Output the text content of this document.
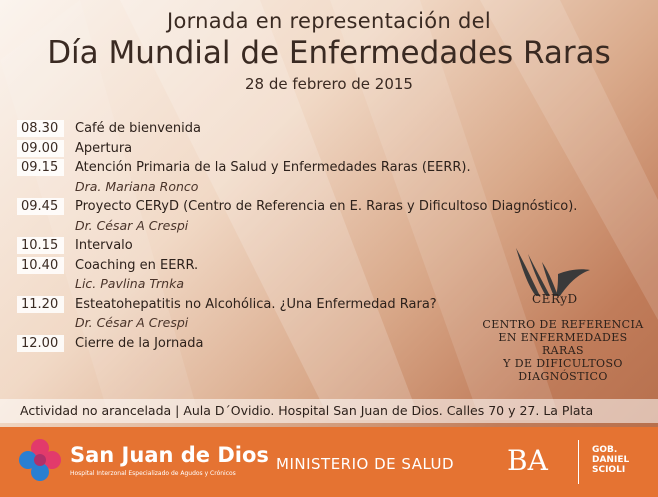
Jornada en representación del
Día Mundial de Enfermedades Raras
28 de febrero de 2015
08.30	Café de bienvenida
09.00	Apertura
09.15	Atención Primaria de la Salud y Enfermedades Raras (EERR).
Dra. Mariana Ronco
09.45	Proyecto CERyD (Centro de Referencia en E. Raras y Dificultoso Diagnóstico).
Dr. César A Crespi
10.15	Intervalo
10.40	Coaching en EERR.
Lic. Pavlina Trnka
11.20	Esteatohepatitis no Alcohólica. ¿Una Enfermedad Rara?
Dr. César A Crespi
12.00	Cierre de la Jornada
CERyD
CENTRO DE REFERENCIA
EN ENFERMEDADES RARAS
Y DE DIFICULTOSO
DIAGNÓSTICO
Actividad no arancelada | Aula D´Ovidio. Hospital San Juan de Dios. Calles 70 y 27. La Plata
San Juan de Dios
Hospital Interzonal Especializado de Agudos y Crónicos
MINISTERIO DE SALUD BA	GOB.
DANIEL
SCIOLI
